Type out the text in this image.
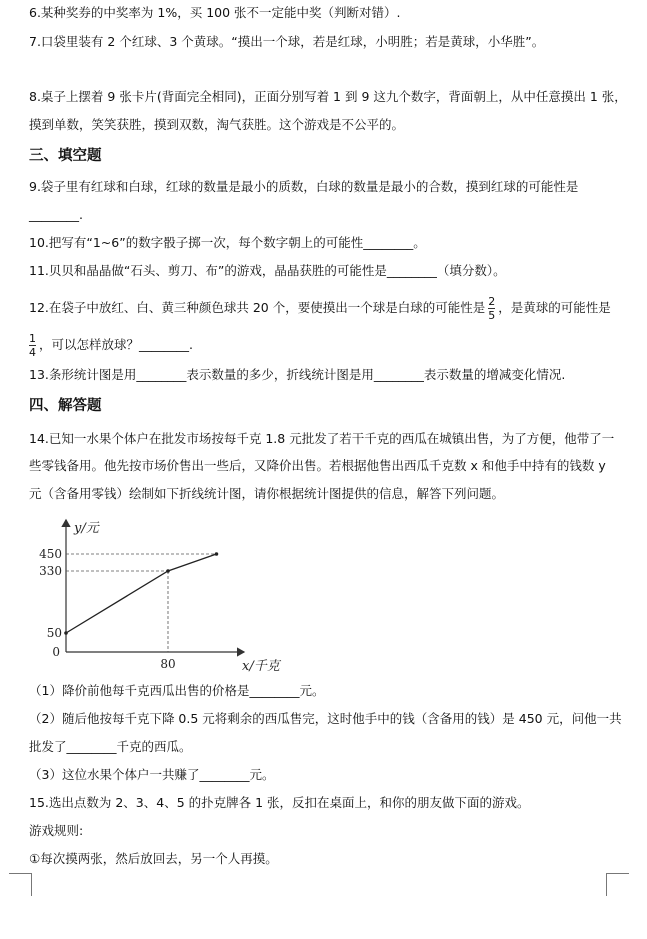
6.某种奖券的中奖率为 1%，买 100 张不一定能中奖（判断对错）.
7.口袋里装有 2 个红球、3 个黄球。“摸出一个球，若是红球，小明胜；若是黄球，小华胜”。
8.桌子上摆着 9 张卡片(背面完全相同)，正面分别写着 1 到 9 这九个数字，背面朝上，从中任意摸出 1 张，
摸到单数，笑笑获胜，摸到双数，淘气获胜。这个游戏是不公平的。
三、填空题
9.袋子里有红球和白球，红球的数量是最小的质数，白球的数量是最小的合数，摸到红球的可能性是
________.
10.把写有“1~6”的数字骰子掷一次，每个数字朝上的可能性________。
11.贝贝和晶晶做“石头、剪刀、布”的游戏，晶晶获胜的可能性是________（填分数）。
12.在袋子中放红、白、黄三种颜色球共 20 个，要使摸出一个球是白球的可能性是 $\frac{2}{5}$ ，是黄球的可能性是
$\frac{1}{4}$ ，可以怎样放球？________.
13.条形统计图是用________表示数量的多少，折线统计图是用________表示数量的增减变化情况.
四、解答题
14.已知一水果个体户在批发市场按每千克 1.8 元批发了若干千克的西瓜在城镇出售，为了方便，他带了一
些零钱备用。他先按市场价售出一些后，又降价出售。若根据他售出西瓜千克数 x 和他手中持有的钱数 y
元（含备用零钱）绘制如下折线统计图，请你根据统计图提供的信息，解答下列问题。
50
330
450
80
0
y/元
x/千克
（1）降价前他每千克西瓜出售的价格是________元。
（2）随后他按每千克下降 0.5 元将剩余的西瓜售完，这时他手中的钱（含备用的钱）是 450 元，问他一共
批发了________千克的西瓜。
（3）这位水果个体户一共赚了________元。
15.选出点数为 2、3、4、5 的扑克牌各 1 张，反扣在桌面上，和你的朋友做下面的游戏。
游戏规则:
①每次摸两张，然后放回去，另一个人再摸。
